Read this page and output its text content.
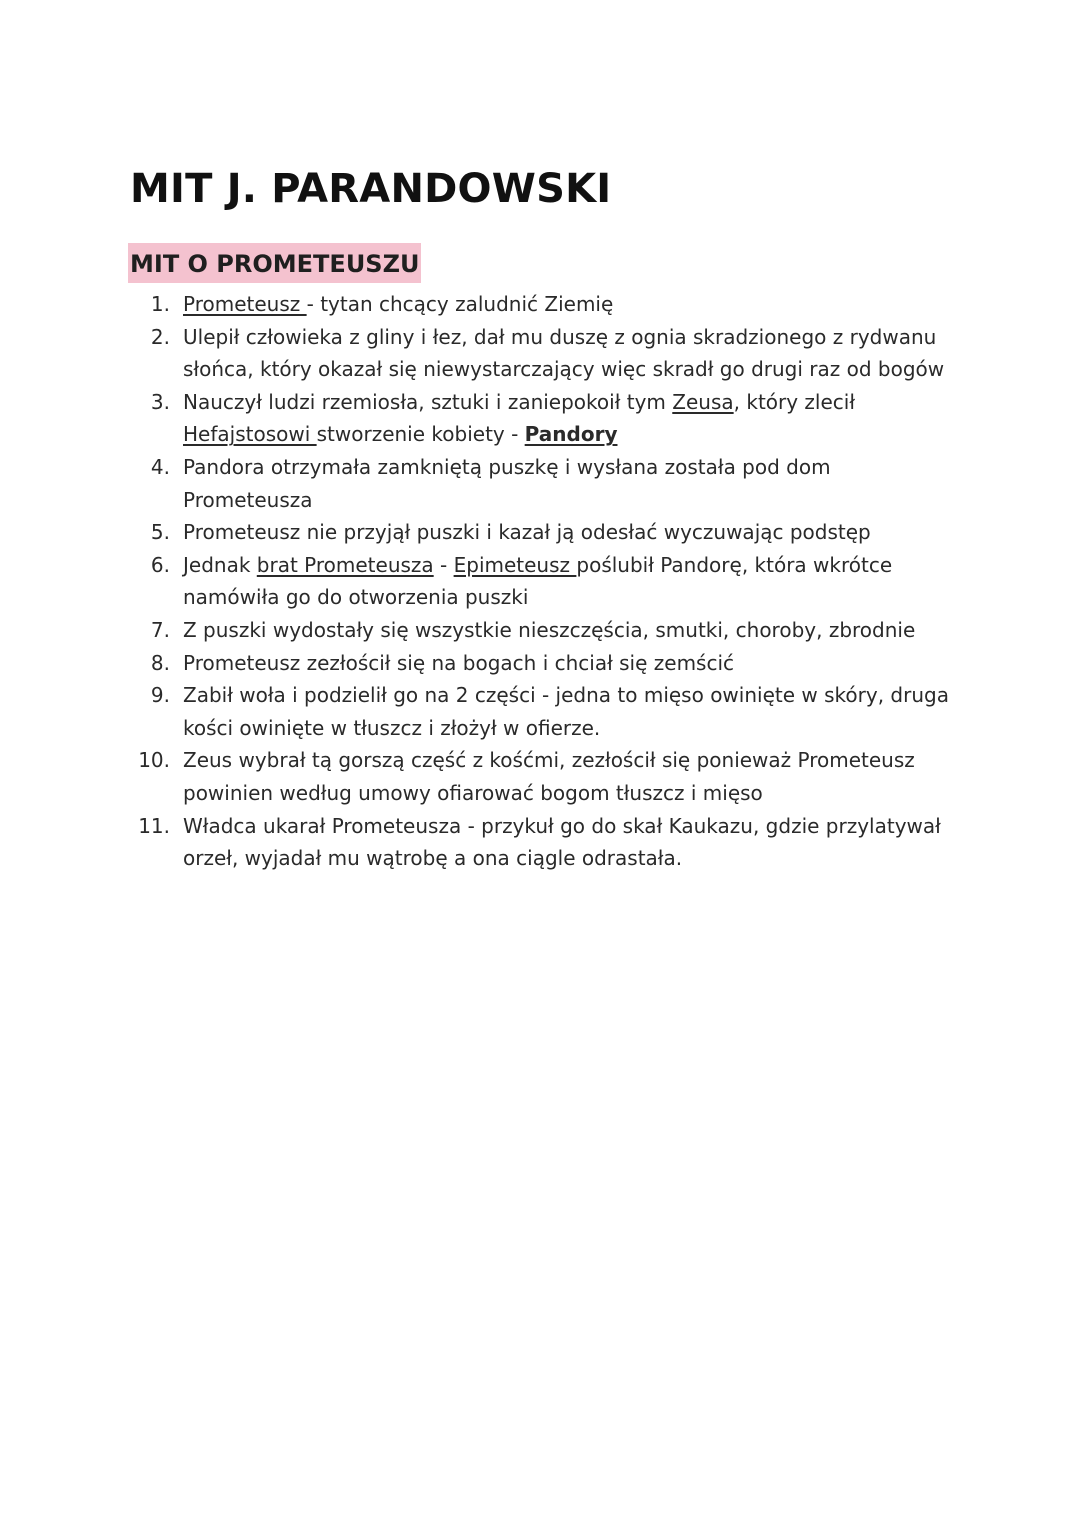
MIT J. PARANDOWSKI
MIT O PROMETEUSZU
1. Prometeusz - tytan chcący zaludnić Ziemię
2. Ulepił człowieka z gliny i łez, dał mu duszę z ognia skradzionego z rydwanu słońca, który okazał się niewystarczający więc skradł go drugi raz od bogów
3. Nauczył ludzi rzemiosła, sztuki i zaniepokoił tym Zeusa, który zlecił Hefajstosowi stworzenie kobiety - Pandory
4. Pandora otrzymała zamkniętą puszkę i wysłana została pod dom Prometeusza
5. Prometeusz nie przyjął puszki i kazał ją odesłać wyczuwając podstęp
6. Jednak brat Prometeusza - Epimeteusz poślubił Pandorę, która wkrótce namówiła go do otworzenia puszki
7. Z puszki wydostały się wszystkie nieszczęścia, smutki, choroby, zbrodnie
8. Prometeusz zezłościł się na bogach i chciał się zemścić
9. Zabił woła i podzielił go na 2 części - jedna to mięso owinięte w skóry, druga kości owinięte w tłuszcz i złożył w ofierze.
10. Zeus wybrał tą gorszą część z kośćmi, zezłościł się ponieważ Prometeusz powinien według umowy ofiarować bogom tłuszcz i mięso
11. Władca ukarał Prometeusza - przykuł go do skał Kaukazu, gdzie przylatywał orzeł, wyjadał mu wątrobę a ona ciągle odrastała.
